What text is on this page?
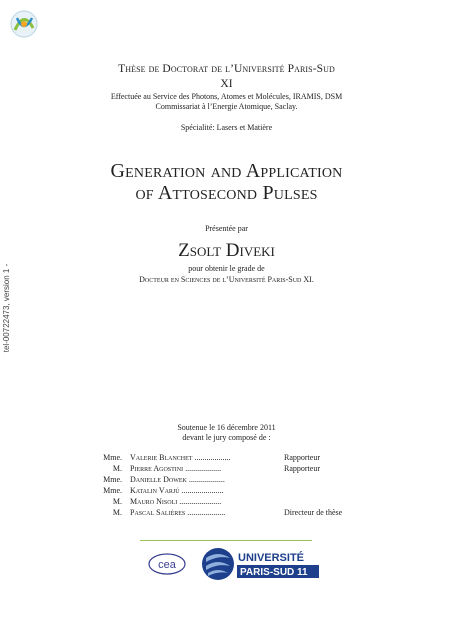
tel-00722473, version 1 -
Thèse de Doctorat de l’Université Paris-Sud
XI
Effectuée au Service des Photons, Atomes et Molécules, IRAMIS, DSM
Commissariat à l’Energie Atomique, Saclay.
Spécialité: Lasers et Matière
Generation and Application
of Attosecond Pulses
Présentée par
Zsolt Diveki
pour obtenir le grade de
Docteur en Sciences de l’Université Paris-Sud XI.
Soutenue le 16 décembre 2011
devant le jury composé de :
Mme. Valerie Blanchet ..................	Rapporteur
M. Pierre Agostini ..................	Rapporteur
Mme. Danielle Dowek ..................
Mme. Katalin Varjú .....................
M. Mauro Nisoli .....................
M. Pascal Salières ...................	Directeur de thèse
cea
UNIVERSITÉ
PARIS-SUD 11
